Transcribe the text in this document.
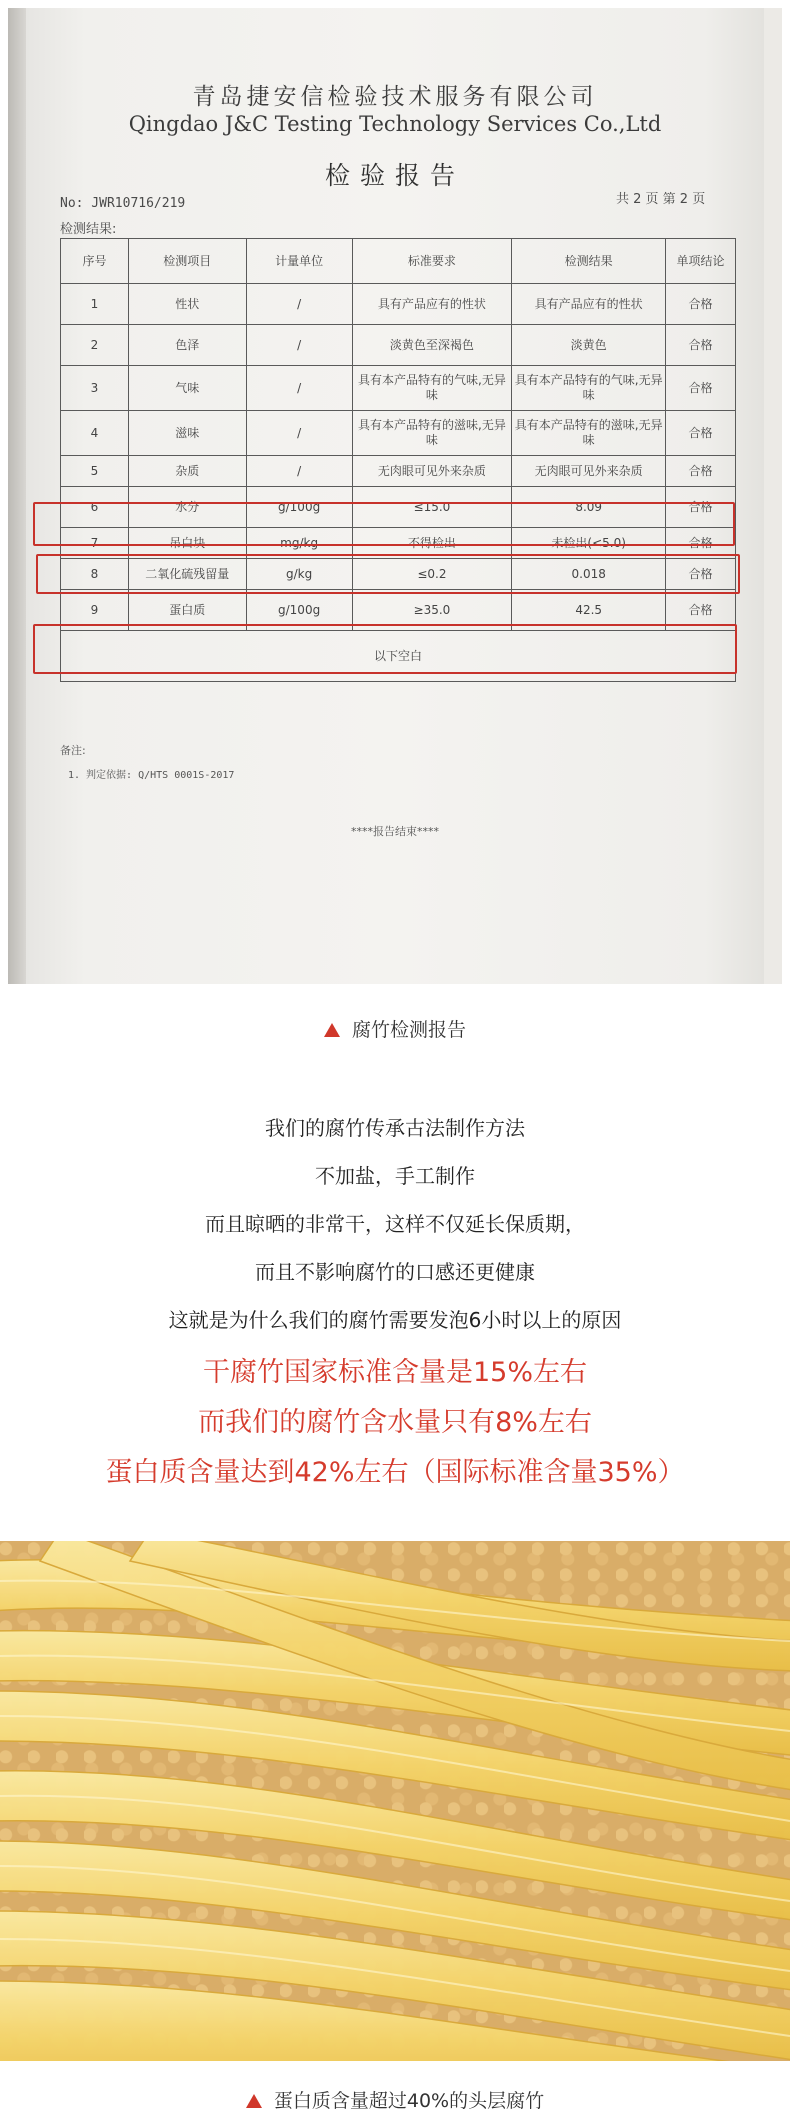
青岛捷安信检验技术服务有限公司
Qingdao J&C Testing Technology Services Co.,Ltd
检验报告
共 2 页 第 2 页
No: JWR10716/219
检测结果:
序号	检测项目	计量单位	标准要求	检测结果	单项结论
1	性状	/	具有产品应有的性状	具有产品应有的性状	合格
2	色泽	/	淡黄色至深褐色	淡黄色	合格
3	气味	/	具有本产品特有的气味,无异味	具有本产品特有的气味,无异味	合格
4	滋味	/	具有本产品特有的滋味,无异味	具有本产品特有的滋味,无异味	合格
5	杂质	/	无肉眼可见外来杂质	无肉眼可见外来杂质	合格
6	水分	g/100g	≤15.0	8.09	合格
7	吊白块	mg/kg	不得检出	未检出(<5.0)	合格
8	二氧化硫残留量	g/kg	≤0.2	0.018	合格
9	蛋白质	g/100g	≥35.0	42.5	合格
以下空白					
备注:
1. 判定依据: Q/HTS 0001S-2017
****报告结束****
腐竹检测报告
我们的腐竹传承古法制作方法
不加盐，手工制作
而且晾晒的非常干，这样不仅延长保质期，
而且不影响腐竹的口感还更健康
这就是为什么我们的腐竹需要发泡6小时以上的原因
干腐竹国家标准含量是15%左右
而我们的腐竹含水量只有8%左右
蛋白质含量达到42%左右（国际标准含量35%）
蛋白质含量超过40%的头层腐竹
